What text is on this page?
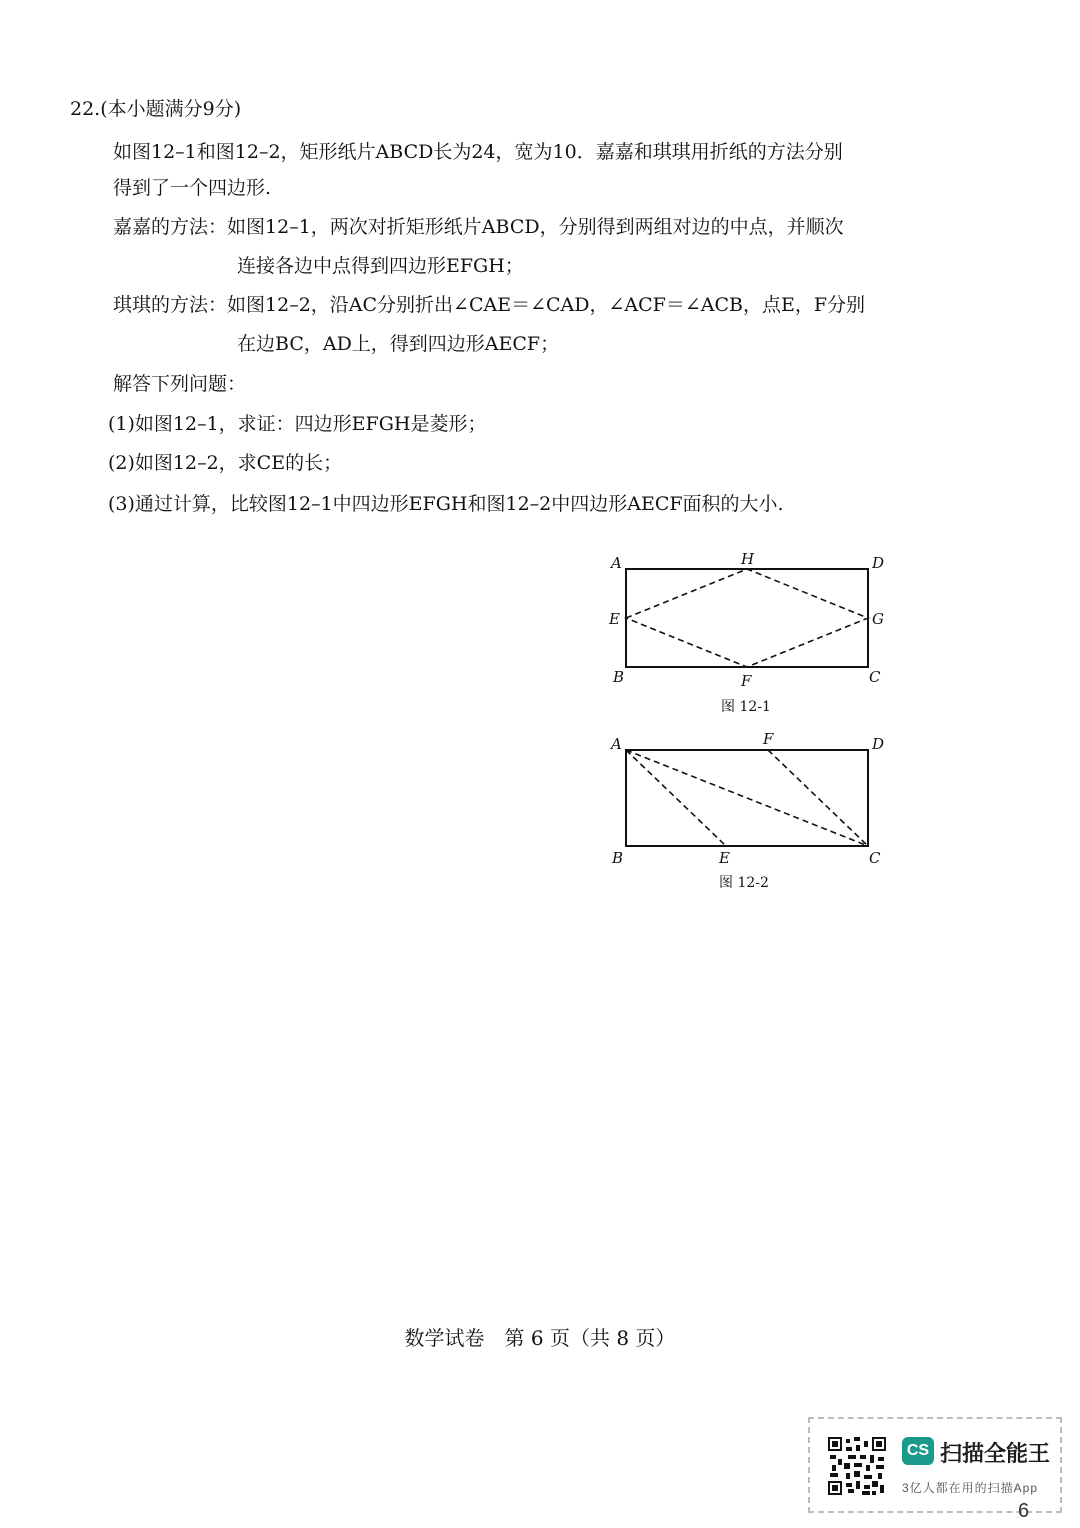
22.(本小题满分9分)
如图12–1和图12–2，矩形纸片ABCD长为24，宽为10．嘉嘉和琪琪用折纸的方法分别
得到了一个四边形.
嘉嘉的方法：如图12–1，两次对折矩形纸片ABCD，分别得到两组对边的中点，并顺次
连接各边中点得到四边形EFGH；
琪琪的方法：如图12–2，沿AC分别折出∠CAE＝∠CAD，∠ACF＝∠ACB，点E，F分别
在边BC，AD上，得到四边形AECF；
解答下列问题：
(1)如图12–1，求证：四边形EFGH是菱形；
(2)如图12–2，求CE的长；
(3)通过计算，比较图12–1中四边形EFGH和图12–2中四边形AECF面积的大小.
A	H	D
E	G
B	F	C
图 12-1
A	F	D
B	E	C
图 12-2
数学试卷　第 6 页（共 8 页）
CS 扫描全能王
3亿人都在用的扫描App
6
